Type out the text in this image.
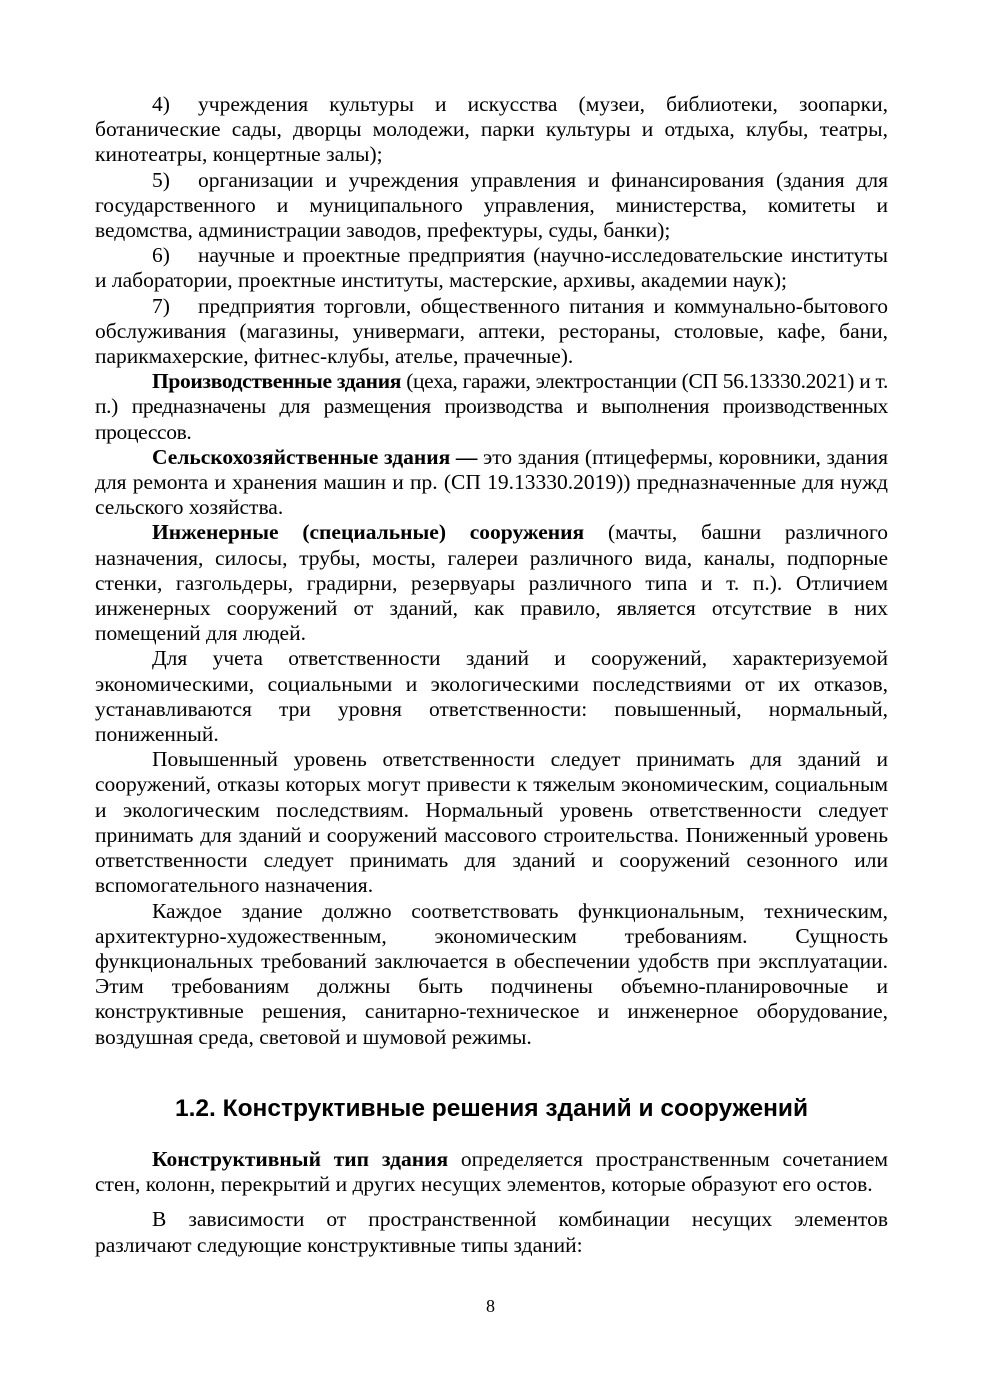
4) учреждения культуры и искусства (музеи, библиотеки, зоопарки, ботанические сады, дворцы молодежи, парки культуры и отдыха, клубы, театры, кинотеатры, концертные залы);

5) организации и учреждения управления и финансирования (здания для государственного и муниципального управления, министерства, комитеты и ведомства, администрации заводов, префектуры, суды, банки);

6) научные и проектные предприятия (научно-исследовательские институты и лаборатории, проектные институты, мастерские, архивы, академии наук);

7) предприятия торговли, общественного питания и коммунально-бытового обслуживания (магазины, универмаги, аптеки, рестораны, столовые, кафе, бани, парикмахерские, фитнес-клубы, ателье, прачечные).

Производственные здания (цеха, гаражи, электростанции (СП 56.13330.2021) и т. п.) предназначены для размещения производства и выполнения производственных процессов.

Сельскохозяйственные здания — это здания (птицефермы, коровники, здания для ремонта и хранения машин и пр. (СП 19.13330.2019)) предназначенные для нужд сельского хозяйства.

Инженерные (специальные) сооружения (мачты, башни различного назначения, силосы, трубы, мосты, галереи различного вида, каналы, подпорные стенки, газгольдеры, градирни, резервуары различного типа и т. п.). Отличием инженерных сооружений от зданий, как правило, является отсутствие в них помещений для людей.

Для учета ответственности зданий и сооружений, характеризуемой экономическими, социальными и экологическими последствиями от их отказов, устанавливаются три уровня ответственности: повышенный, нормальный, пониженный.

Повышенный уровень ответственности следует принимать для зданий и сооружений, отказы которых могут привести к тяжелым экономическим, социальным и экологическим последствиям. Нормальный уровень ответственности следует принимать для зданий и сооружений массового строительства. Пониженный уровень ответственности следует принимать для зданий и сооружений сезонного или вспомогательного назначения.

Каждое здание должно соответствовать функциональным, техническим, архитектурно-художественным, экономическим требованиям. Сущность функциональных требований заключается в обеспечении удобств при эксплуатации. Этим требованиям должны быть подчинены объемно-планировочные и конструктивные решения, санитарно-техническое и инженерное оборудование, воздушная среда, световой и шумовой режимы.

1.2. Конструктивные решения зданий и сооружений

Конструктивный тип здания определяется пространственным сочетанием стен, колонн, перекрытий и других несущих элементов, которые образуют его остов.

В зависимости от пространственной комбинации несущих элементов различают следующие конструктивные типы зданий:

8
